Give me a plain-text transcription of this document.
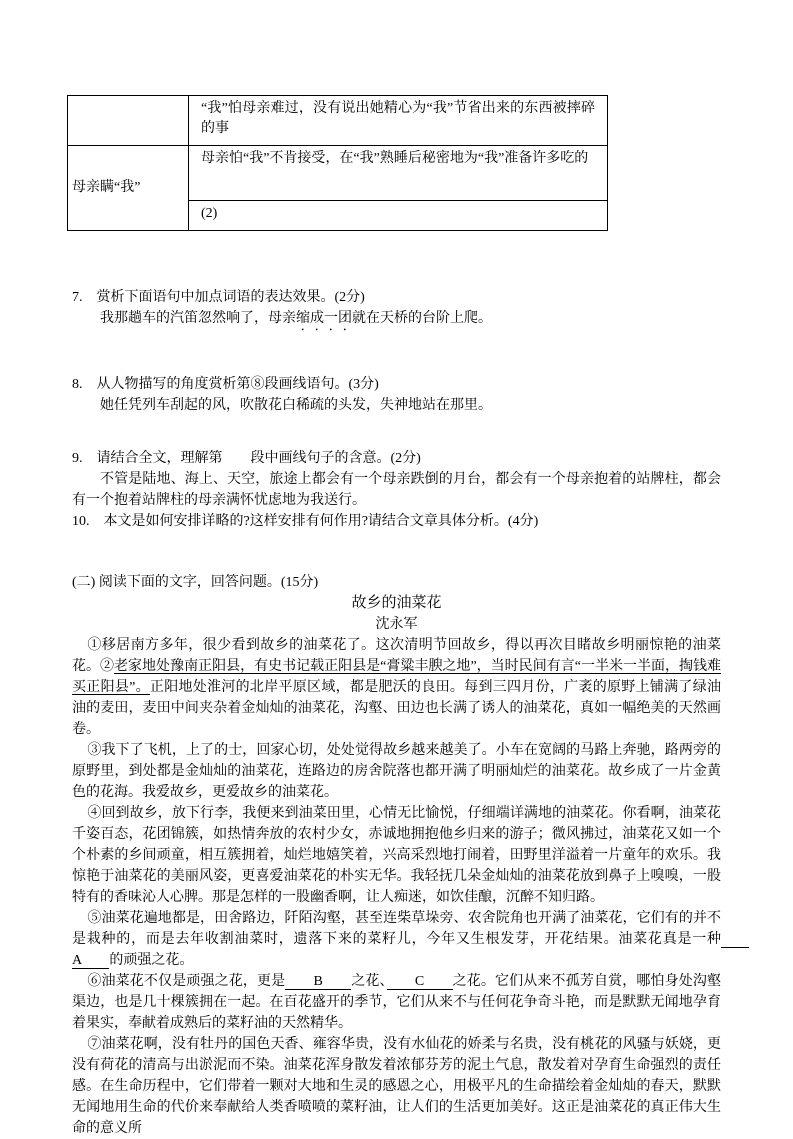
	“我”怕母亲难过，没有说出她精心为“我”节省出来的东西被摔碎的事
母亲瞒“我”	母亲怕“我”不肯接受，在“我”熟睡后秘密地为“我”准备许多吃的
	(2)

7.　赏析下面语句中加点词语的表达效果。(2分)

我那趟车的汽笛忽然响了，母亲缩成一团就在天桥的台阶上爬。

8.　从人物描写的角度赏析第⑧段画线语句。(3分)

她任凭列车刮起的风，吹散花白稀疏的头发，失神地站在那里。

9.　请结合全文，理解第　　段中画线句子的含意。(2分)

不管是陆地、海上、天空，旅途上都会有一个母亲跌倒的月台，都会有一个母亲抱着的站牌柱，都会有一个抱着站牌柱的母亲满怀忧虑地为我送行。

10.　本文是如何安排详略的?这样安排有何作用?请结合文章具体分析。(4分)

(二) 阅读下面的文字，回答问题。(15分)

故乡的油菜花

沈永军

①移居南方多年，很少看到故乡的油菜花了。这次清明节回故乡，得以再次目睹故乡明丽惊艳的油菜花。②老家地处豫南正阳县，有史书记载正阳县是“膏粱丰腴之地”，当时民间有言“一半米一半面，掏钱难买正阳县”。正阳地处淮河的北岸平原区域，都是肥沃的良田。每到三四月份，广袤的原野上铺满了绿油油的麦田，麦田中间夹杂着金灿灿的油菜花，沟壑、田边也长满了诱人的油菜花，真如一幅绝美的天然画卷。

③我下了飞机，上了的士，回家心切，处处觉得故乡越来越美了。小车在宽阔的马路上奔驰，路两旁的原野里，到处都是金灿灿的油菜花，连路边的房舍院落也都开满了明丽灿烂的油菜花。故乡成了一片金黄色的花海。我爱故乡，更爱故乡的油菜花。

④回到故乡，放下行李，我便来到油菜田里，心情无比愉悦，仔细端详满地的油菜花。你看啊，油菜花千姿百态，花团锦簇，如热情奔放的农村少女，赤诚地拥抱他乡归来的游子；微风拂过，油菜花又如一个个朴素的乡间顽童，相互簇拥着，灿烂地嬉笑着，兴高采烈地打闹着，田野里洋溢着一片童年的欢乐。我惊艳于油菜花的美丽风姿，更喜爱油菜花的朴实无华。我轻抚几朵金灿灿的油菜花放到鼻子上嗅嗅，一股特有的香味沁人心脾。那是怎样的一股幽香啊，让人痴迷，如饮佳酿，沉醉不知归路。

⑤油菜花遍地都是，田舍路边，阡陌沟壑，甚至连柴草垛旁、农舍院角也开满了油菜花，它们有的并不是栽种的，而是去年收割油菜时，遗落下来的菜籽儿，今年又生根发芽，开花结果。油菜花真是一种　　A　　的顽强之花。

⑥油菜花不仅是顽强之花，更是　　B　　之花、　　C　　之花。它们从来不孤芳自赏，哪怕身处沟壑渠边，也是几十棵簇拥在一起。在百花盛开的季节，它们从来不与任何花争奇斗艳，而是默默无闻地孕育着果实，奉献着成熟后的菜籽油的天然精华。

⑦油菜花啊，没有牡丹的国色天香、雍容华贵，没有水仙花的娇柔与名贵，没有桃花的风骚与妖娆，更没有荷花的清高与出淤泥而不染。油菜花浑身散发着浓郁芬芳的泥土气息，散发着对孕育生命强烈的责任感。在生命历程中，它们带着一颗对大地和生灵的感恩之心，用极平凡的生命描绘着金灿灿的春天，默默无闻地用生命的代价来奉献给人类香喷喷的菜籽油，让人们的生活更加美好。这正是油菜花的真正伟大生命的意义所
